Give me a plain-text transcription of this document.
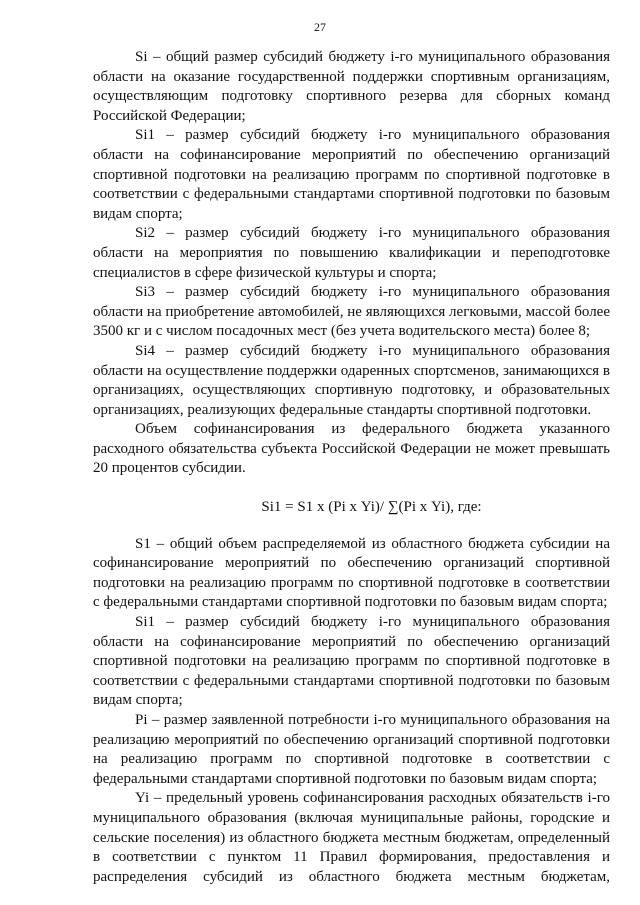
27

Si – общий размер субсидий бюджету i-го муниципального образования области на оказание государственной поддержки спортивным организациям, осуществляющим подготовку спортивного резерва для сборных команд Российской Федерации;

Si1 – размер субсидий бюджету i-го муниципального образования области на софинансирование мероприятий по обеспечению организаций спортивной подготовки на реализацию программ по спортивной подготовке в соответствии с федеральными стандартами спортивной подготовки по базовым видам спорта;

Si2 – размер субсидий бюджету i-го муниципального образования области на мероприятия по повышению квалификации и переподготовке специалистов в сфере физической культуры и спорта;

Si3 – размер субсидий бюджету i-го муниципального образования области на приобретение автомобилей, не являющихся легковыми, массой более 3500 кг и с числом посадочных мест (без учета водительского места) более 8;

Si4 – размер субсидий бюджету i-го муниципального образования области на осуществление поддержки одаренных спортсменов, занимающихся в организациях, осуществляющих спортивную подготовку, и образовательных организациях, реализующих федеральные стандарты спортивной подготовки.

Объем софинансирования из федерального бюджета указанного расходного обязательства субъекта Российской Федерации не может превышать 20 процентов субсидии.

Si1 = S1 х (Pi х Yi)/ ∑(Pi х Yi), где:

S1 – общий объем распределяемой из областного бюджета субсидии на софинансирование мероприятий по обеспечению организаций спортивной подготовки на реализацию программ по спортивной подготовке в соответствии с федеральными стандартами спортивной подготовки по базовым видам спорта;

Si1 – размер субсидий бюджету i-го муниципального образования области на софинансирование мероприятий по обеспечению организаций спортивной подготовки на реализацию программ по спортивной подготовке в соответствии с федеральными стандартами спортивной подготовки по базовым видам спорта;

Pi – размер заявленной потребности i-го муниципального образования на реализацию мероприятий по обеспечению организаций спортивной подготовки на реализацию программ по спортивной подготовке в соответствии с федеральными стандартами спортивной подготовки по базовым видам спорта;

Yi – предельный уровень софинансирования расходных обязательств i-го муниципального образования (включая муниципальные районы, городские и сельские поселения) из областного бюджета местным бюджетам, определенный в соответствии с пунктом 11 Правил формирования, предоставления и распределения субсидий из областного бюджета местным бюджетам,
